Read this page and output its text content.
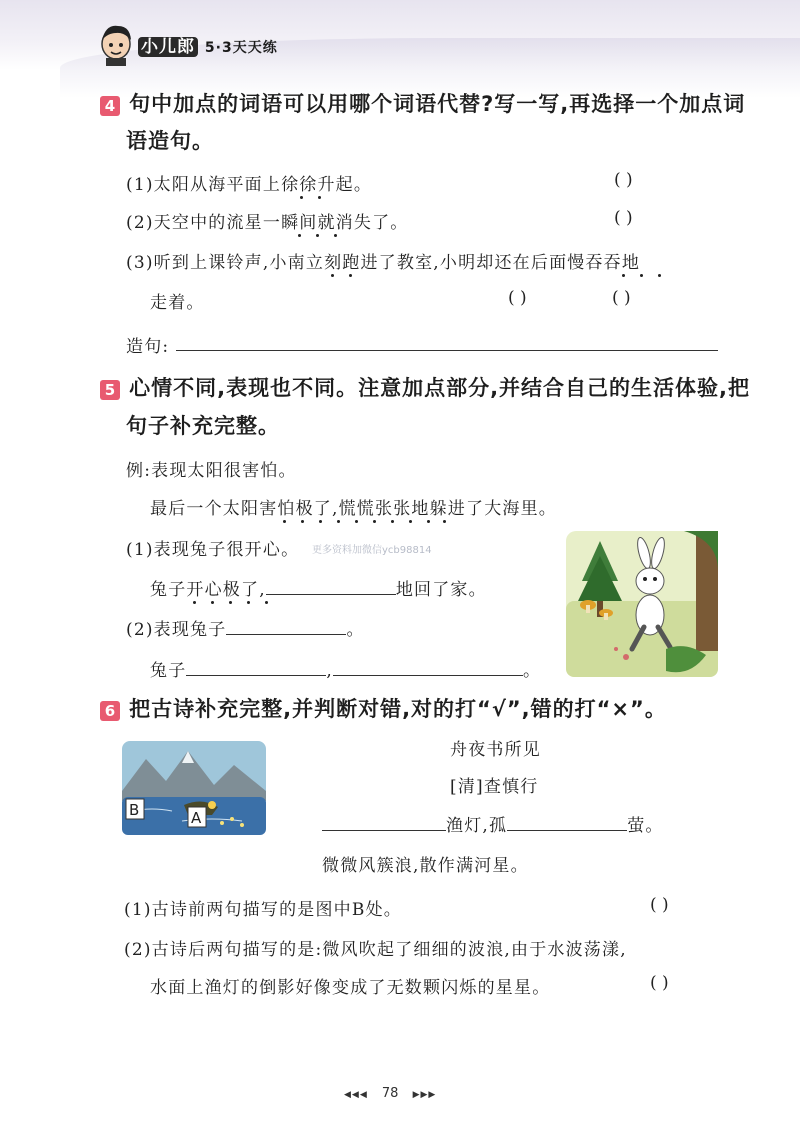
小儿郎 5·3天天练
4 句中加点的词语可以用哪个词语代替?写一写,再选择一个加点词
语造句。
(1)太阳从海平面上徐徐升起。	( )
(2)天空中的流星一瞬间就消失了。	( )
(3)听到上课铃声,小南立刻跑进了教室,小明却还在后面慢吞吞地
走着。	( )	( )
造句:
5 心情不同,表现也不同。注意加点部分,并结合自己的生活体验,把
句子补充完整。
例:表现太阳很害怕。
最后一个太阳害怕极了,慌慌张张地躲进了大海里。
(1)表现兔子很开心。 更多资料加微信ycb98814
兔子开心极了,	地回了家。
(2)表现兔子	。
兔子	,	。
6 把古诗补充完整,并判断对错,对的打“√”,错的打“×”。
B	A
舟夜书所见
[清]查慎行
渔灯,孤	萤。
微微风簇浪,散作满河星。
(1)古诗前两句描写的是图中B处。	( )
(2)古诗后两句描写的是:微风吹起了细细的波浪,由于水波荡漾,
水面上渔灯的倒影好像变成了无数颗闪烁的星星。	( )
◀◀◀ 78 ▶▶▶
